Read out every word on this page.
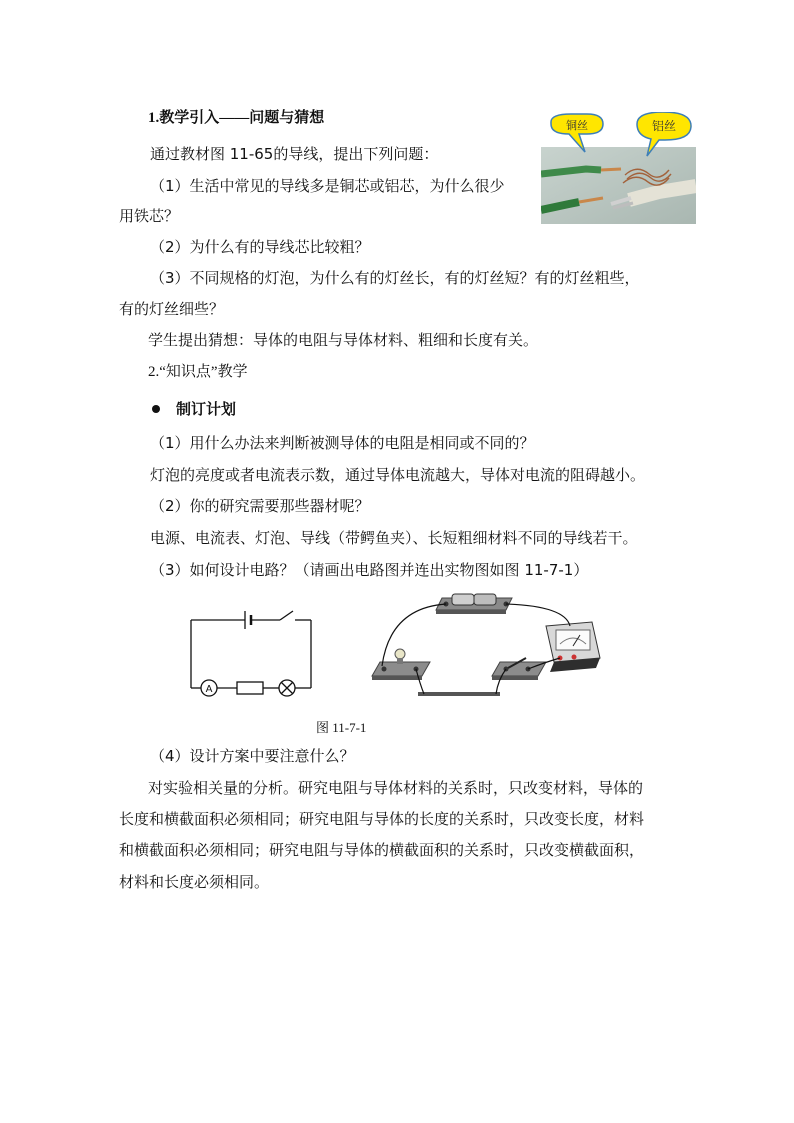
1.教学引入——问题与猜想
通过教材图 11-65的导线，提出下列问题：
（1）生活中常见的导线多是铜芯或铝芯，为什么很少
用铁芯？
（2）为什么有的导线芯比较粗？
（3）不同规格的灯泡，为什么有的灯丝长，有的灯丝短？有的灯丝粗些，
有的灯丝细些？
学生提出猜想：导体的电阻与导体材料、粗细和长度有关。
铜丝	铝丝
2.“知识点”教学
制订计划
（1）用什么办法来判断被测导体的电阻是相同或不同的？
灯泡的亮度或者电流表示数，通过导体电流越大，导体对电流的阻碍越小。
（2）你的研究需要那些器材呢？
电源、电流表、灯泡、导线（带鳄鱼夹）、长短粗细材料不同的导线若干。
（3）如何设计电路？（请画出电路图并连出实物图如图 11-7-1）
A
图 11-7-1
（4）设计方案中要注意什么？
对实验相关量的分析。研究电阻与导体材料的关系时，只改变材料，导体的
长度和横截面积必须相同；研究电阻与导体的长度的关系时，只改变长度，材料
和横截面积必须相同；研究电阻与导体的横截面积的关系时，只改变横截面积，
材料和长度必须相同。
